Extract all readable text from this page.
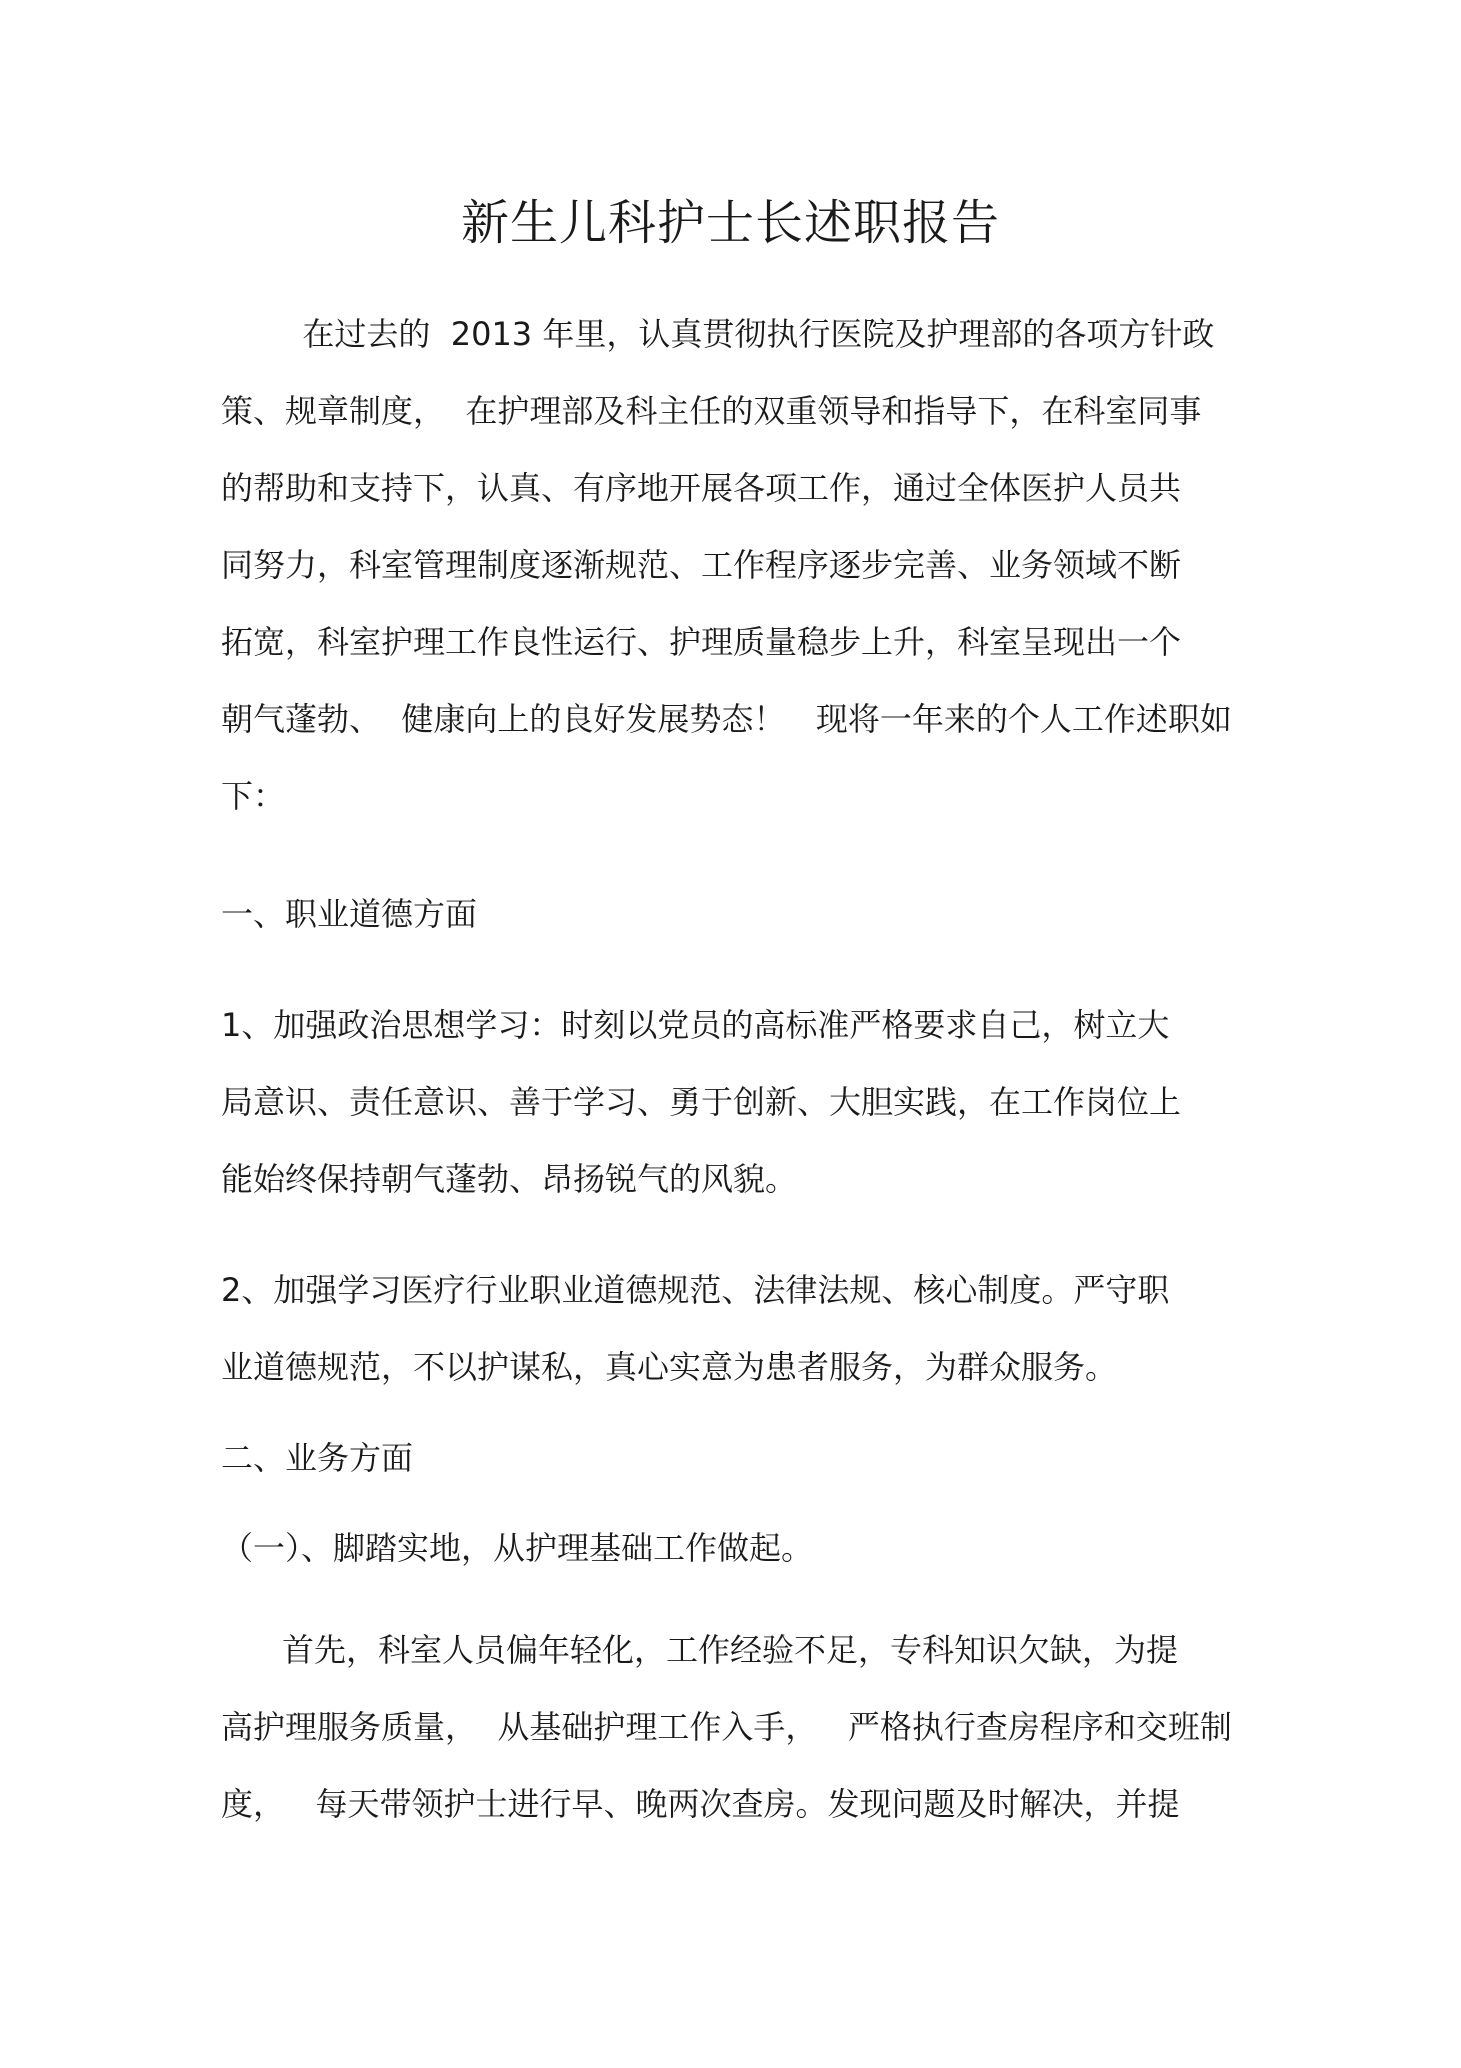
新生儿科护士长述职报告
在过去的  2013 年里，认真贯彻执行医院及护理部的各项方针政
策、规章制度，  在护理部及科主任的双重领导和指导下，在科室同事
的帮助和支持下，认真、有序地开展各项工作，通过全体医护人员共
同努力，科室管理制度逐渐规范、工作程序逐步完善、业务领域不断
拓宽，科室护理工作良性运行、护理质量稳步上升，科室呈现出一个
朝气蓬勃、  健康向上的良好发展势态！   现将一年来的个人工作述职如
下：
一、职业道德方面
1、加强政治思想学习：时刻以党员的高标准严格要求自己，树立大
局意识、责任意识、善于学习、勇于创新、大胆实践，在工作岗位上
能始终保持朝气蓬勃、昂扬锐气的风貌。
2、加强学习医疗行业职业道德规范、法律法规、核心制度。严守职
业道德规范，不以护谋私，真心实意为患者服务，为群众服务。
二、业务方面
（一）、脚踏实地，从护理基础工作做起。
首先，科室人员偏年轻化，工作经验不足，专科知识欠缺，为提
高护理服务质量，  从基础护理工作入手，   严格执行查房程序和交班制
度，   每天带领护士进行早、晚两次查房。发现问题及时解决，并提
